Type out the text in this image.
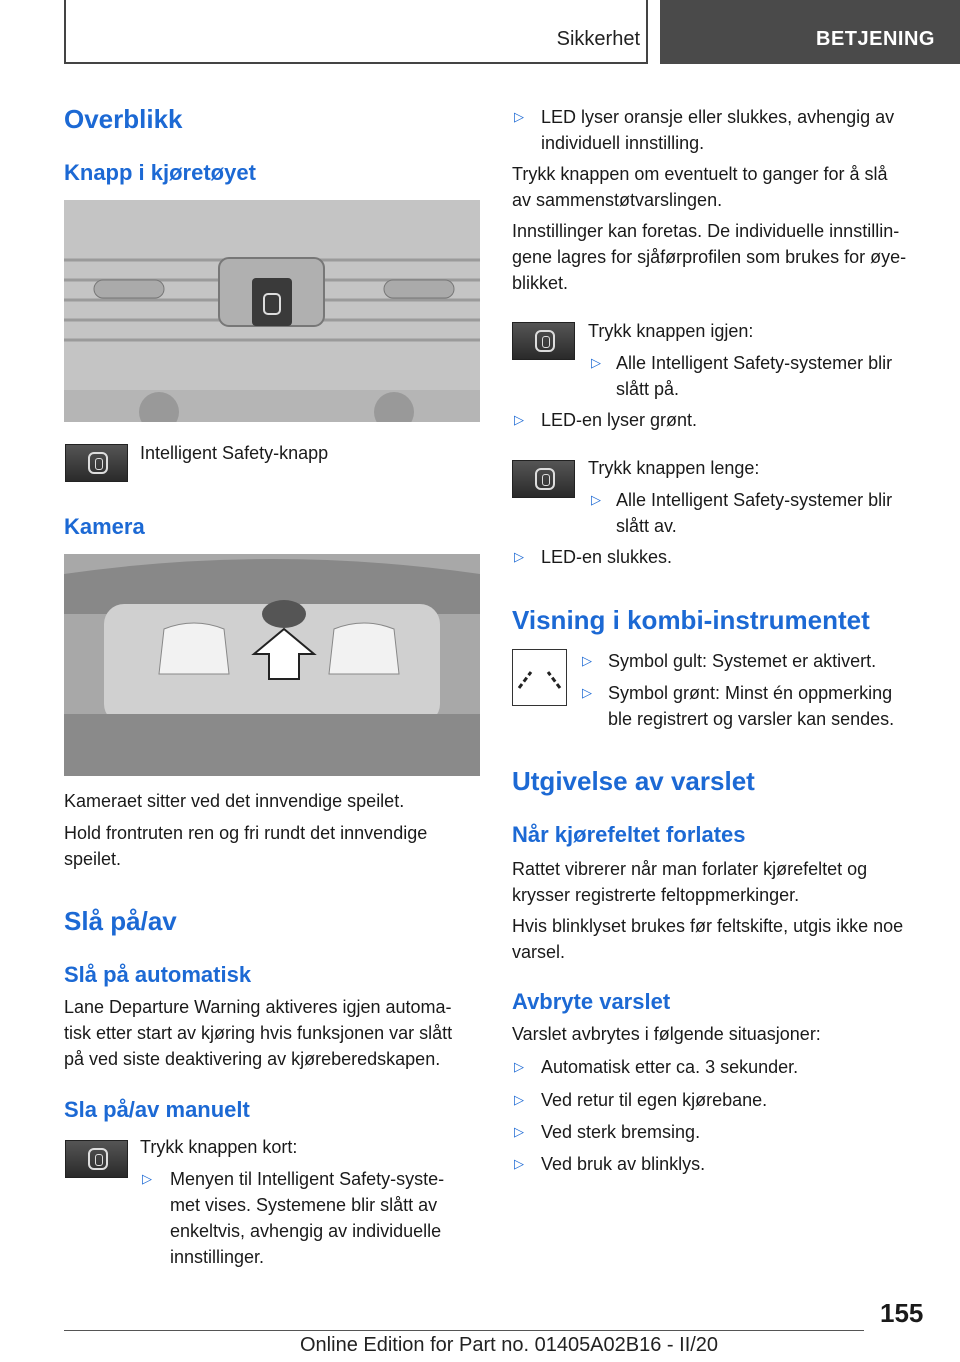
Sikkerhet	BETJENING
Overblikk
Knapp i kjøretøyet
Intelligent Safety-knapp
Kamera
Kameraet sitter ved det innvendige speilet.
Hold frontruten ren og fri rundt det innvendige
speilet.
Slå på/av
Slå på automatisk
Lane Departure Warning aktiveres igjen automa‐
tisk etter start av kjøring hvis funksjonen var slått
på ved siste deaktivering av kjøreberedskapen.
Sla på/av manuelt
Trykk knappen kort:
▷ Menyen til Intelligent Safety-syste‐
met vises. Systemene blir slått av
enkeltvis, avhengig av individuelle
innstillinger.
▷ LED lyser oransje eller slukkes, avhengig av
individuell innstilling.
Trykk knappen om eventuelt to ganger for å slå
av sammenstøtvarslingen.
Innstillinger kan foretas. De individuelle innstillin‐
gene lagres for sjåførprofilen som brukes for øye‐
blikket.
Trykk knappen igjen:
▷ Alle Intelligent Safety-systemer blir
slått på.
▷ LED-en lyser grønt.
Trykk knappen lenge:
▷ Alle Intelligent Safety-systemer blir
slått av.
▷ LED-en slukkes.
Visning i kombi-instrumentet
▷ Symbol gult: Systemet er aktivert.
▷ Symbol grønt: Minst én oppmerking
ble registrert og varsler kan sendes.
Utgivelse av varslet
Når kjørefeltet forlates
Rattet vibrerer når man forlater kjørefeltet og
krysser registrerte feltoppmerkinger.
Hvis blinklyset brukes før feltskifte, utgis ikke noe
varsel.
Avbryte varslet
Varslet avbrytes i følgende situasjoner:
▷ Automatisk etter ca. 3 sekunder.
▷ Ved retur til egen kjørebane.
▷ Ved sterk bremsing.
▷ Ved bruk av blinklys.
155
Online Edition for Part no. 01405A02B16 - II/20
